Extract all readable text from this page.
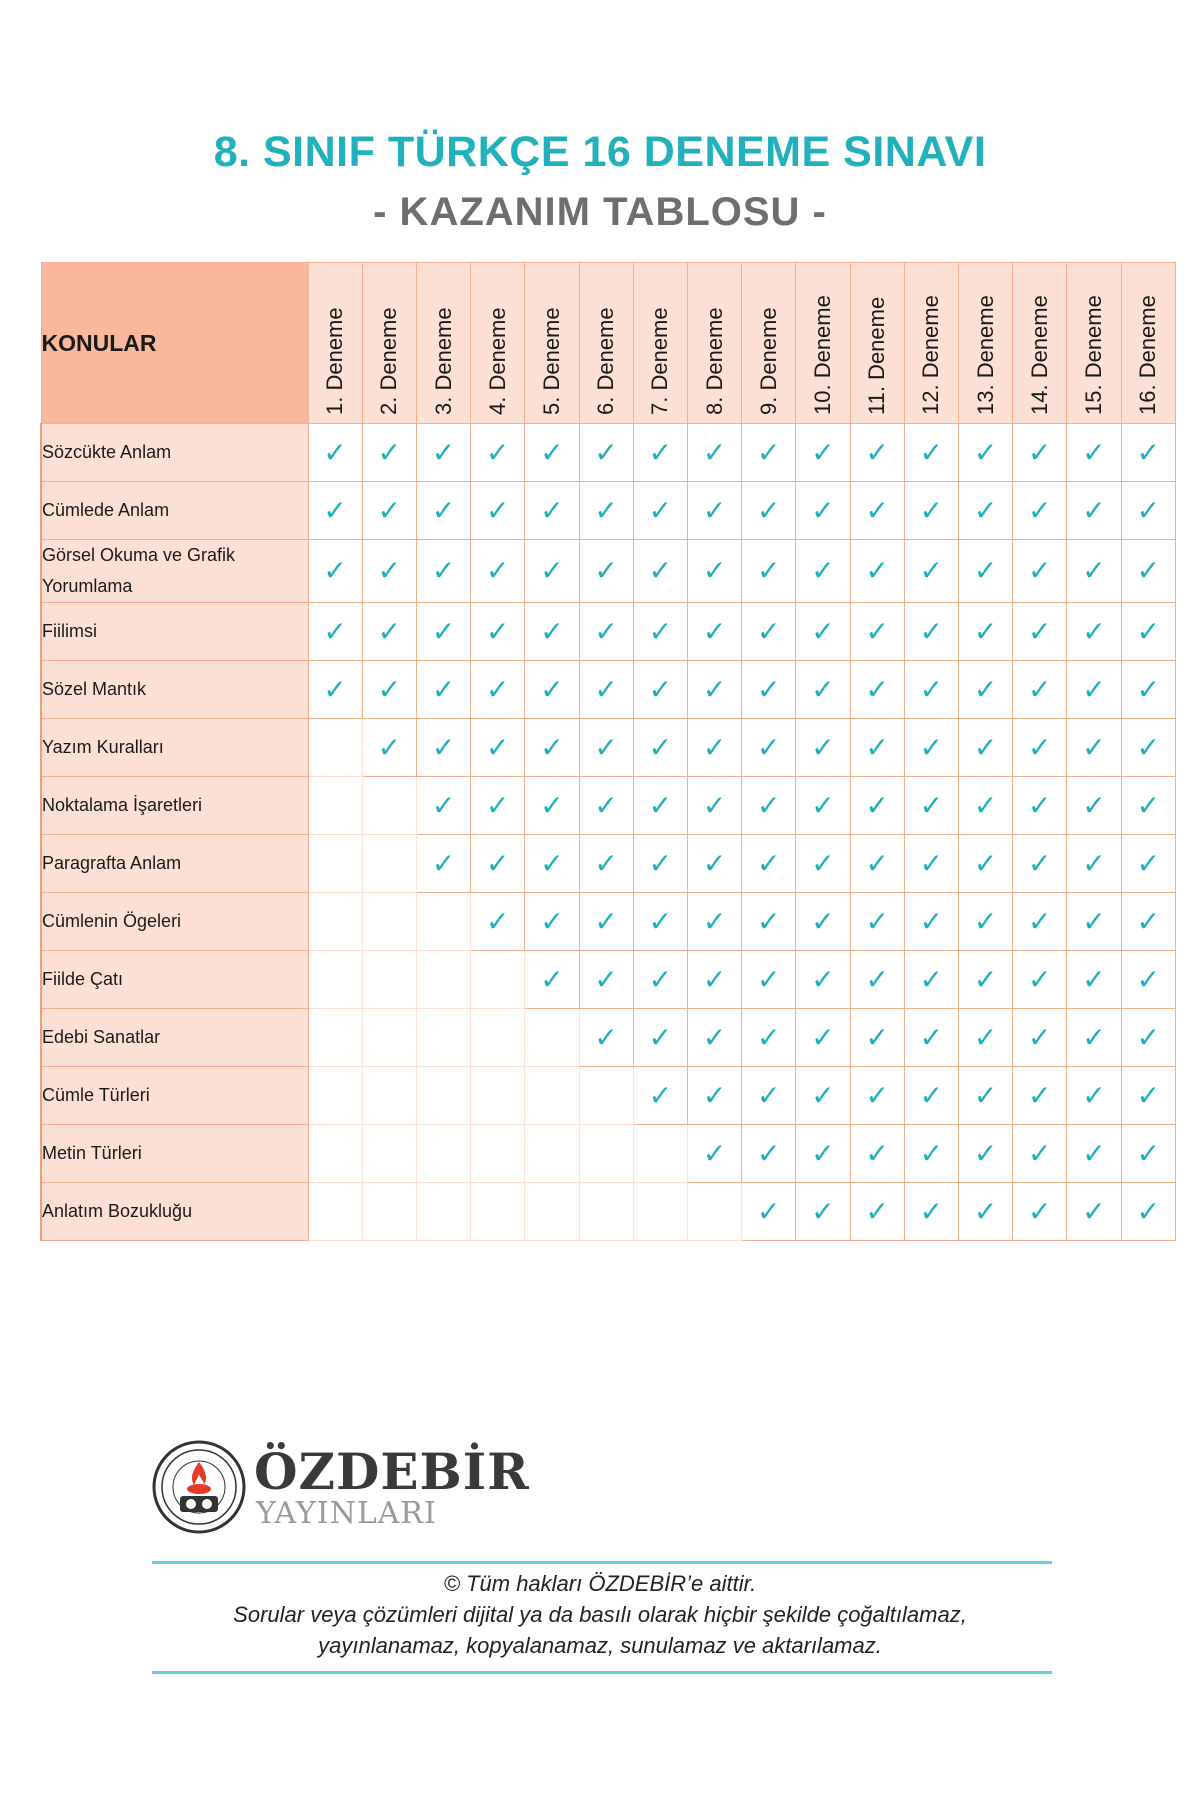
8. SINIF TÜRKÇE 16 DENEME SINAVI
- KAZANIM TABLOSU -
KONULAR	1. Deneme	2. Deneme	3. Deneme	4. Deneme	5. Deneme	6. Deneme	7. Deneme	8. Deneme	9. Deneme	10. Deneme	11. Deneme	12. Deneme	13. Deneme	14. Deneme	15. Deneme	16. Deneme

Sözcükte Anlam	✓	✓	✓	✓	✓	✓	✓	✓	✓	✓	✓	✓	✓	✓	✓	✓
Cümlede Anlam	✓	✓	✓	✓	✓	✓	✓	✓	✓	✓	✓	✓	✓	✓	✓	✓
Görsel Okuma ve Grafik Yorumlama	✓	✓	✓	✓	✓	✓	✓	✓	✓	✓	✓	✓	✓	✓	✓	✓
Fiilimsi	✓	✓	✓	✓	✓	✓	✓	✓	✓	✓	✓	✓	✓	✓	✓	✓
Sözel Mantık	✓	✓	✓	✓	✓	✓	✓	✓	✓	✓	✓	✓	✓	✓	✓	✓
Yazım Kuralları		✓	✓	✓	✓	✓	✓	✓	✓	✓	✓	✓	✓	✓	✓	✓
Noktalama İşaretleri			✓	✓	✓	✓	✓	✓	✓	✓	✓	✓	✓	✓	✓	✓
Paragrafta Anlam			✓	✓	✓	✓	✓	✓	✓	✓	✓	✓	✓	✓	✓	✓
Cümlenin Ögeleri				✓	✓	✓	✓	✓	✓	✓	✓	✓	✓	✓	✓	✓
Fiilde Çatı					✓	✓	✓	✓	✓	✓	✓	✓	✓	✓	✓	✓
Edebi Sanatlar						✓	✓	✓	✓	✓	✓	✓	✓	✓	✓	✓
Cümle Türleri							✓	✓	✓	✓	✓	✓	✓	✓	✓	✓
Metin Türleri								✓	✓	✓	✓	✓	✓	✓	✓	✓
Anlatım Bozukluğu									✓	✓	✓	✓	✓	✓	✓	✓
ÖZDEBİR
YAYINLARI
© Tüm hakları ÖZDEBİR’e aittir.
Sorular veya çözümleri dijital ya da basılı olarak hiçbir şekilde çoğaltılamaz,
yayınlanamaz, kopyalanamaz, sunulamaz ve aktarılamaz.
